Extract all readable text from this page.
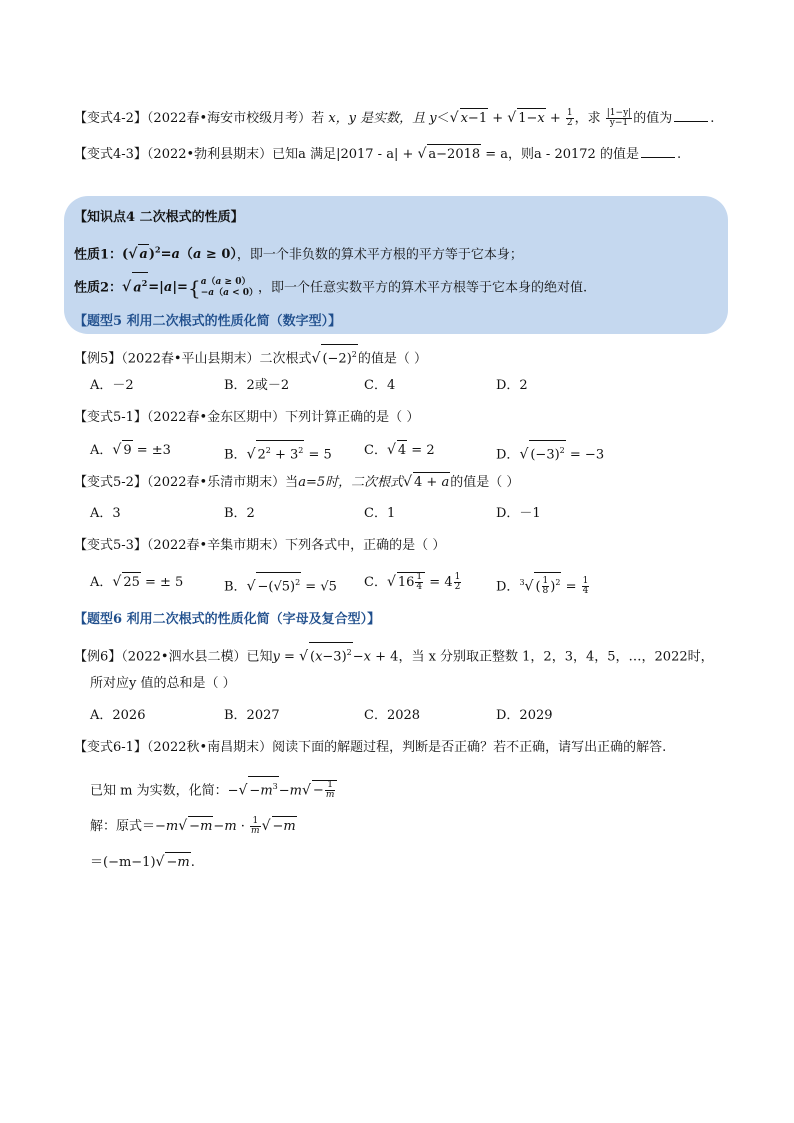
【变式4-2】（2022春•海安市校级月考）若 x，y 是实数，且 y＜√ x−1 + √ $1-x + \frac{1}{2}$ ，求 $\frac{|1-y|}{y-1}$ 的值为	.
【变式4-3】（2022•勃利县期末）已知a 满足|2017 - a| + √ a−2018 = a，则a - 20172 的值是	.
【知识点4 二次根式的性质】
性质1：(√ a)$^2$=a（a ≥ 0），即一个非负数的算术平方根的平方等于它本身；
性质2：√ $a^2=|a|=\{a(a \ge 0)$
−a（a < 0），即一个任意实数平方的算术平方根等于它本身的绝对值.
【题型5 利用二次根式的性质化简（数字型）】
【例5】（2022春•平山县期末）二次根式√ $(-2)^2$的值是（ ）
A．－2	B．2或－2	C．4	D．2
【变式5-1】（2022春•金东区期中）下列计算正确的是（ ）
A．√ 9 = ±3	B．√ $2^2 + 3^2 = 5$ C．√ 4 = 2	D．√ $(-3)^2 = -3$
【变式5-2】（2022春•乐清市期末）当a=5时，二次根式√ 4 + a的值是（ ）
A．3	B．2	C．1	D．－1
【变式5-3】（2022春•辛集市期末）下列各式中，正确的是（ ）
A．√ 25 = ± 5	B．√ $-(√5)^2 = √5$ C．√ $16 \frac{1}{4} = 4 \frac{1}{2}$	D．$^3$√ ( $\frac{1}{8} )^2 = \frac{1}{4}$
【题型6 利用二次根式的性质化简（字母及复合型）】
【例6】（2022•泗水县二模）已知y = √ $(x-3)^2-x + 4$，当 x 分别取正整数 1，2，3，4，5，…，2022时，
所对应y 值的总和是（ ）
A．2026	B．2027	C．2028	D．2029
【变式6-1】（2022秋•南昌期末）阅读下面的解题过程，判断是否正确？若不正确，请写出正确的解答.
已知 m 为实数，化简：−√ $-m^3-m√ - \frac{1}{m}$
解：原式$=-m√ -m-m \cdot \frac{1}{m}$ √ −m
＝(−m−1)√ −m.
